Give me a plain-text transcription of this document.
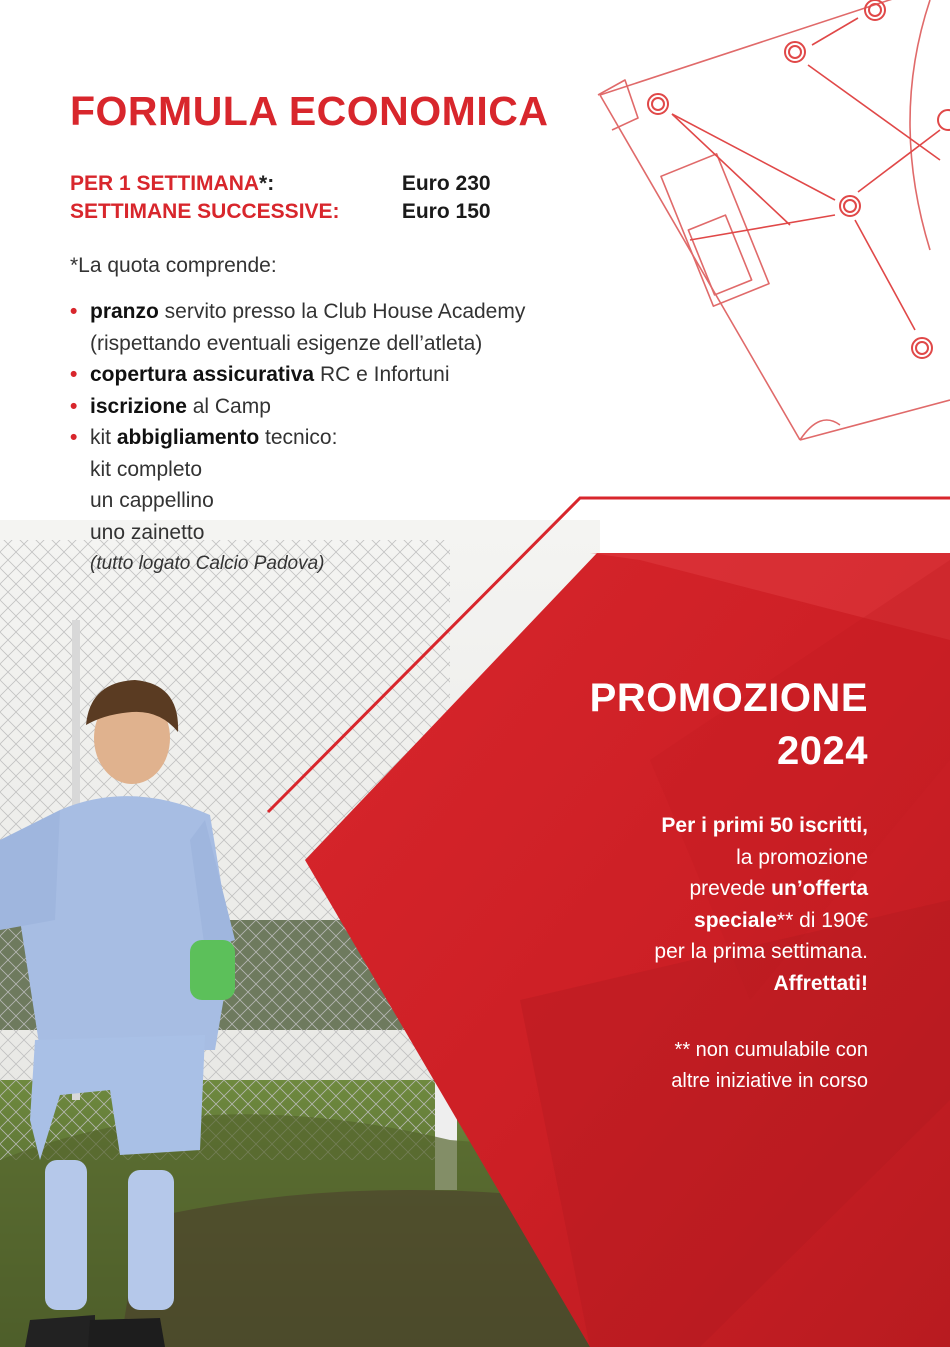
FORMULA ECONOMICA
PER 1 SETTIMANA*:	Euro 230
SETTIMANE SUCCESSIVE:	Euro 150
*La quota comprende:
• pranzo servito presso la Club House Academy
(rispettando eventuali esigenze dell’atleta)
• copertura assicurativa RC e Infortuni
• iscrizione al Camp
• kit abbigliamento tecnico:
kit completo
un cappellino
uno zainetto
(tutto logato Calcio Padova)
PROMOZIONE
2024
Per i primi 50 iscritti,
la promozione
prevede un’offerta
speciale** di 190€
per la prima settimana.
Affrettati!
** non cumulabile con
altre iniziative in corso
